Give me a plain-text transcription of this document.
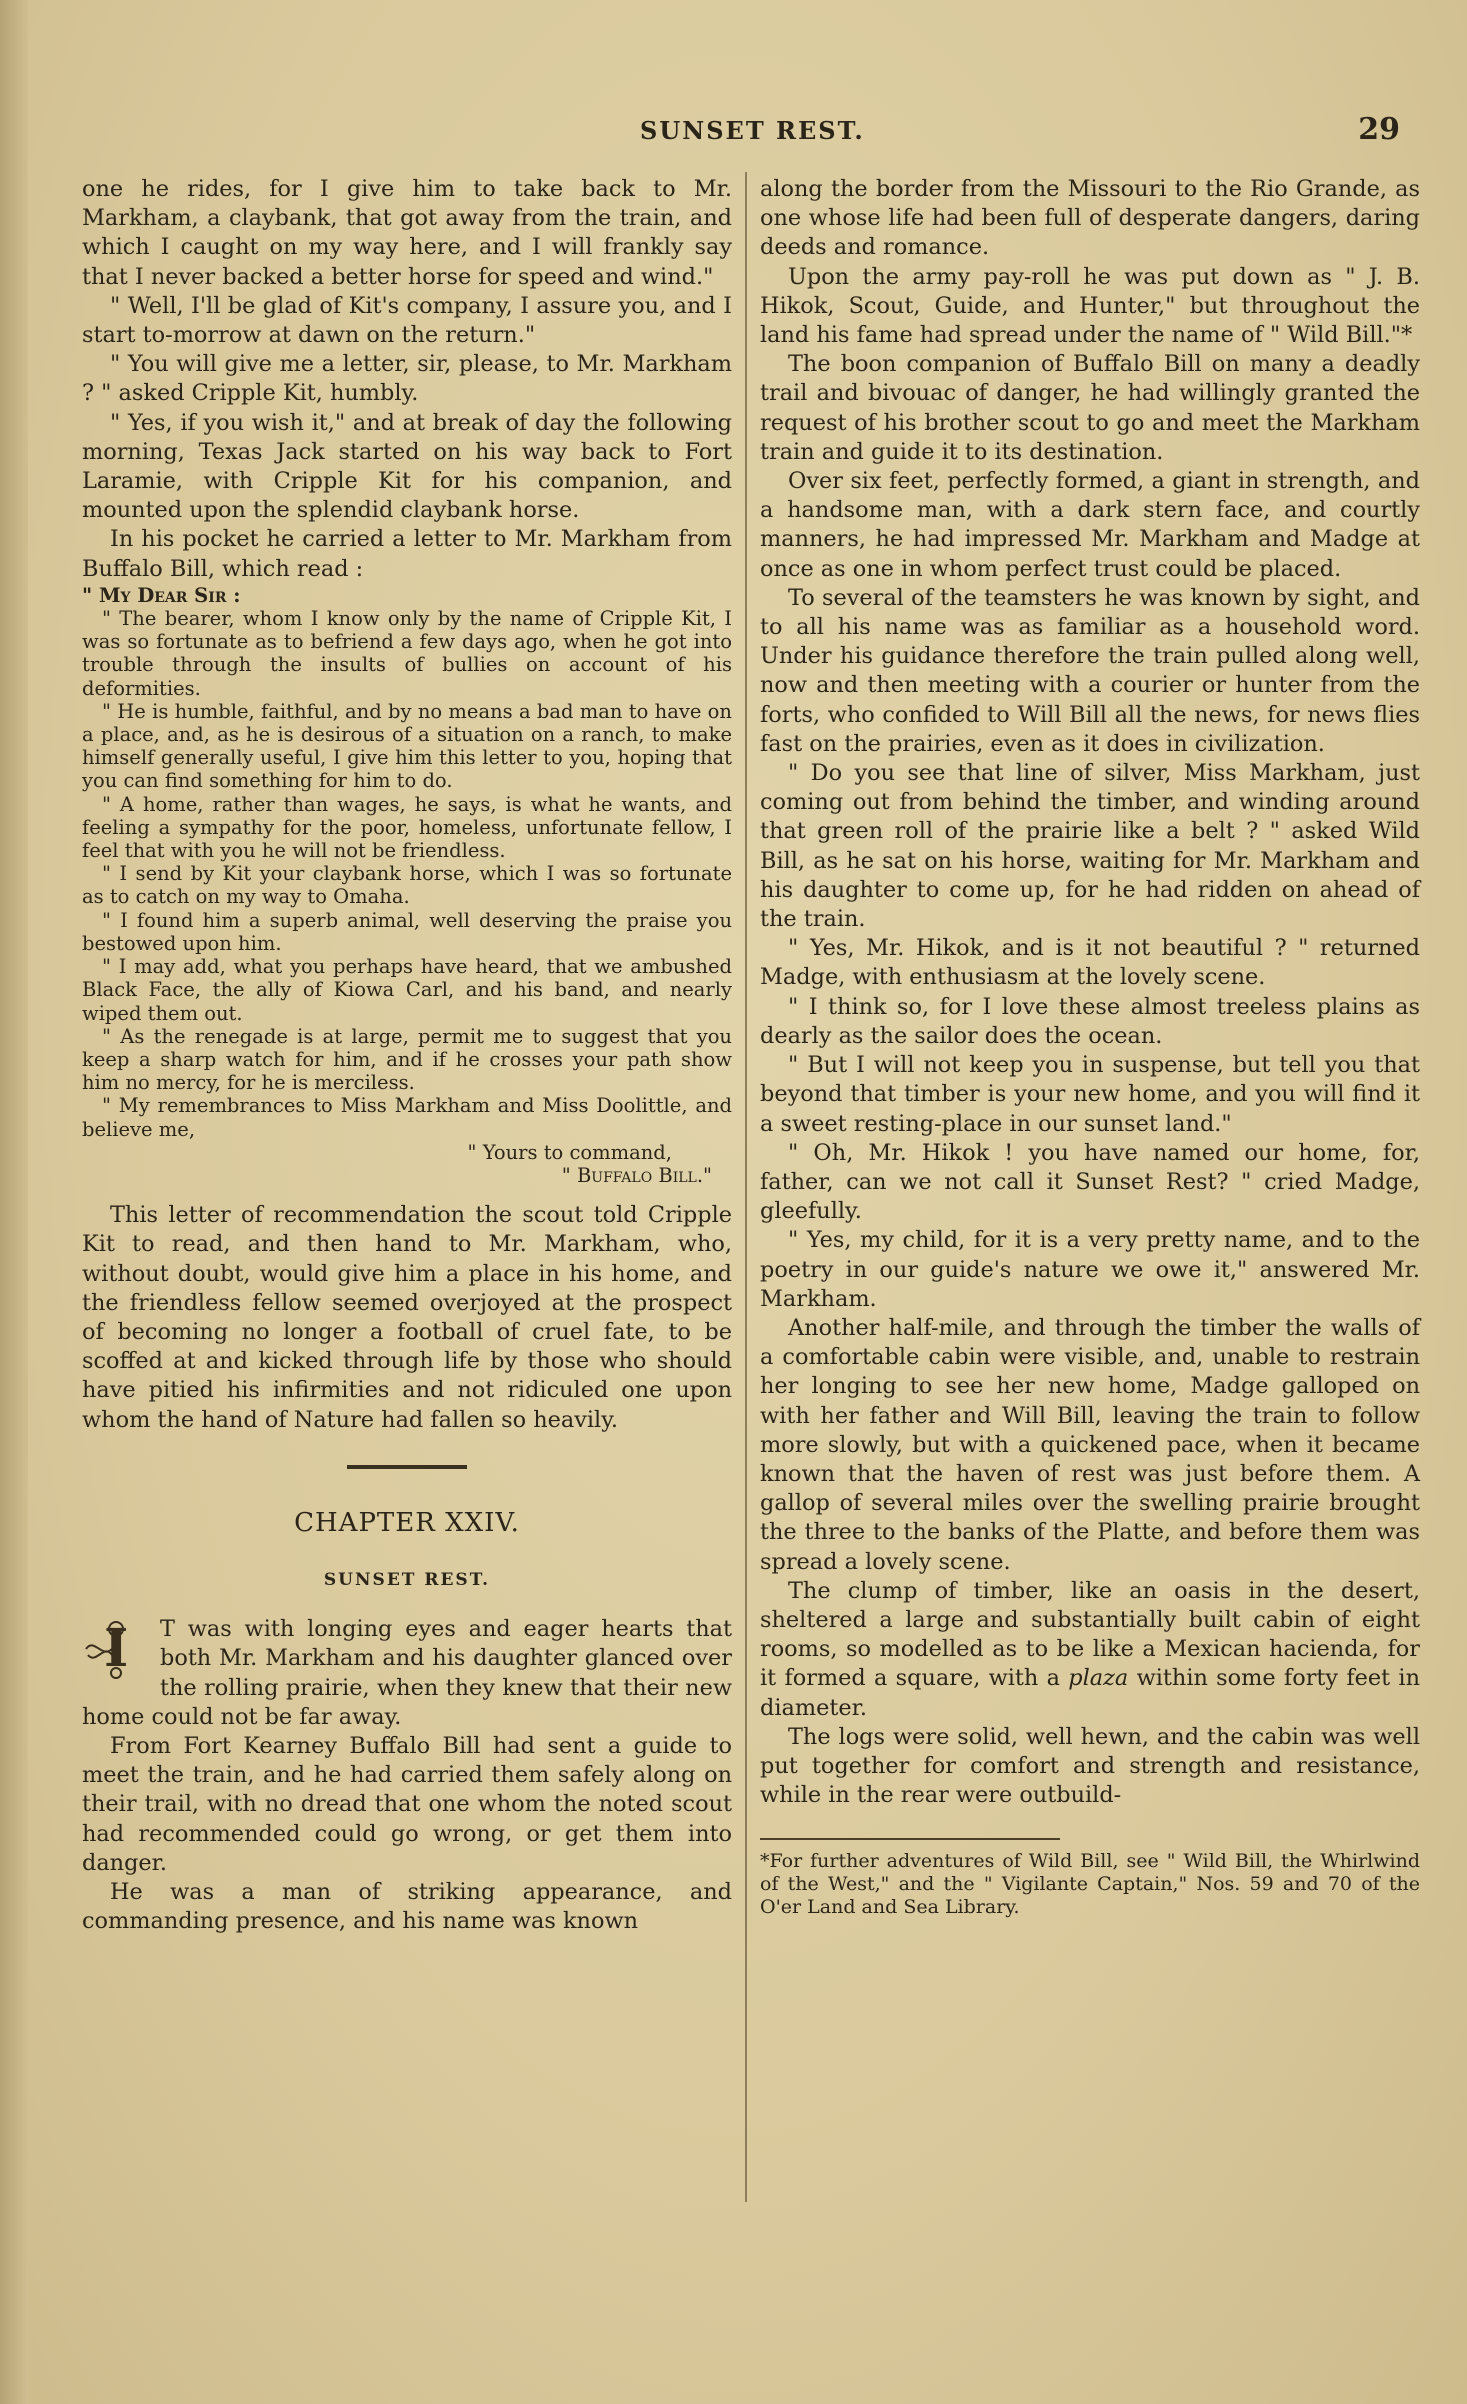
SUNSET REST.	29

one he rides, for I give him to take back to Mr. Markham, a claybank, that got away from the train, and which I caught on my way here, and I will frankly say that I never backed a better horse for speed and wind."

" Well, I'll be glad of Kit's company, I assure you, and I start to-morrow at dawn on the return."

" You will give me a letter, sir, please, to Mr. Markham ? " asked Cripple Kit, humbly.

" Yes, if you wish it," and at break of day the following morning, Texas Jack started on his way back to Fort Laramie, with Cripple Kit for his companion, and mounted upon the splendid claybank horse.

In his pocket he carried a letter to Mr. Markham from Buffalo Bill, which read :

" My Dear Sir :

" The bearer, whom I know only by the name of Cripple Kit, I was so fortunate as to befriend a few days ago, when he got into trouble through the insults of bullies on account of his deformities.

" He is humble, faithful, and by no means a bad man to have on a place, and, as he is desirous of a situation on a ranch, to make himself generally useful, I give him this letter to you, hoping that you can find something for him to do.

" A home, rather than wages, he says, is what he wants, and feeling a sympathy for the poor, homeless, unfortunate fellow, I feel that with you he will not be friendless.

" I send by Kit your claybank horse, which I was so fortunate as to catch on my way to Omaha.

" I found him a superb animal, well deserving the praise you bestowed upon him.

" I may add, what you perhaps have heard, that we ambushed Black Face, the ally of Kiowa Carl, and his band, and nearly wiped them out.

" As the renegade is at large, permit me to suggest that you keep a sharp watch for him, and if he crosses your path show him no mercy, for he is merciless.

" My remembrances to Miss Markham and Miss Doolittle, and believe me,

" Yours to command,

" Buffalo Bill."

This letter of recommendation the scout told Cripple Kit to read, and then hand to Mr. Markham, who, without doubt, would give him a place in his home, and the friendless fellow seemed overjoyed at the prospect of becoming no longer a football of cruel fate, to be scoffed at and kicked through life by those who should have pitied his infirmities and not ridiculed one upon whom the hand of Nature had fallen so heavily.

CHAPTER XXIV.
SUNSET REST.

I T was with longing eyes and eager hearts that both Mr. Markham and his daughter glanced over the rolling prairie, when they knew that their new home could not be far away.

From Fort Kearney Buffalo Bill had sent a guide to meet the train, and he had carried them safely along on their trail, with no dread that one whom the noted scout had recommended could go wrong, or get them into danger.

He was a man of striking appearance, and commanding presence, and his name was known

along the border from the Missouri to the Rio Grande, as one whose life had been full of desperate dangers, daring deeds and romance.

Upon the army pay-roll he was put down as " J. B. Hikok, Scout, Guide, and Hunter," but throughout the land his fame had spread under the name of " Wild Bill."*

The boon companion of Buffalo Bill on many a deadly trail and bivouac of danger, he had willingly granted the request of his brother scout to go and meet the Markham train and guide it to its destination.

Over six feet, perfectly formed, a giant in strength, and a handsome man, with a dark stern face, and courtly manners, he had impressed Mr. Markham and Madge at once as one in whom perfect trust could be placed.

To several of the teamsters he was known by sight, and to all his name was as familiar as a household word. Under his guidance therefore the train pulled along well, now and then meeting with a courier or hunter from the forts, who confided to Will Bill all the news, for news flies fast on the prairies, even as it does in civilization.

" Do you see that line of silver, Miss Markham, just coming out from behind the timber, and winding around that green roll of the prairie like a belt ? " asked Wild Bill, as he sat on his horse, waiting for Mr. Markham and his daughter to come up, for he had ridden on ahead of the train.

" Yes, Mr. Hikok, and is it not beautiful ? " returned Madge, with enthusiasm at the lovely scene.

" I think so, for I love these almost treeless plains as dearly as the sailor does the ocean.

" But I will not keep you in suspense, but tell you that beyond that timber is your new home, and you will find it a sweet resting-place in our sunset land."

" Oh, Mr. Hikok ! you have named our home, for, father, can we not call it Sunset Rest? " cried Madge, gleefully.

" Yes, my child, for it is a very pretty name, and to the poetry in our guide's nature we owe it," answered Mr. Markham.

Another half-mile, and through the timber the walls of a comfortable cabin were visible, and, unable to restrain her longing to see her new home, Madge galloped on with her father and Will Bill, leaving the train to follow more slowly, but with a quickened pace, when it became known that the haven of rest was just before them. A gallop of several miles over the swelling prairie brought the three to the banks of the Platte, and before them was spread a lovely scene.

The clump of timber, like an oasis in the desert, sheltered a large and substantially built cabin of eight rooms, so modelled as to be like a Mexican hacienda, for it formed a square, with a plaza within some forty feet in diameter.

The logs were solid, well hewn, and the cabin was well put together for comfort and strength and resistance, while in the rear were outbuild-

*For further adventures of Wild Bill, see " Wild Bill, the Whirlwind of the West," and the " Vigilante Captain," Nos. 59 and 70 of the O'er Land and Sea Library.
